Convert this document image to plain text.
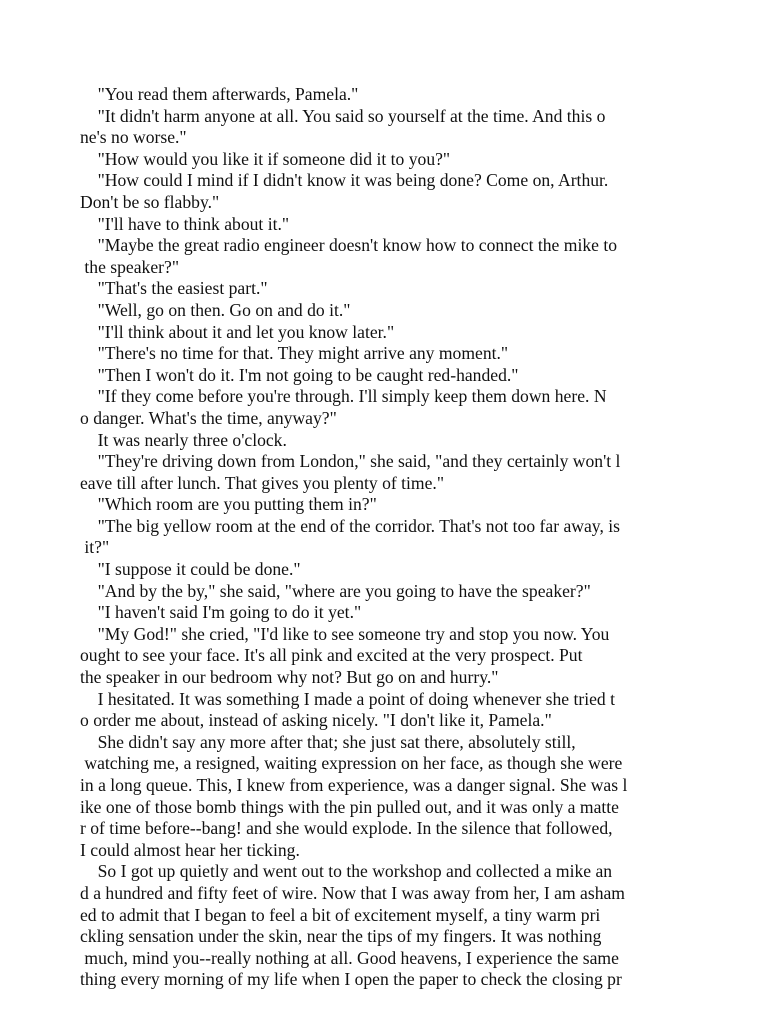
"You read them afterwards, Pamela."
"It didn't harm anyone at all. You said so yourself at the time. And this o
ne's no worse."
"How would you like it if someone did it to you?"
"How could I mind if I didn't know it was being done? Come on, Arthur.
Don't be so flabby."
"I'll have to think about it."
"Maybe the great radio engineer doesn't know how to connect the mike to
the speaker?"
"That's the easiest part."
"Well, go on then. Go on and do it."
"I'll think about it and let you know later."
"There's no time for that. They might arrive any moment."
"Then I won't do it. I'm not going to be caught red-handed."
"If they come before you're through. I'll simply keep them down here. N
o danger. What's the time, anyway?"
It was nearly three o'clock.
"They're driving down from London," she said, "and they certainly won't l
eave till after lunch. That gives you plenty of time."
"Which room are you putting them in?"
"The big yellow room at the end of the corridor. That's not too far away, is
it?"
"I suppose it could be done."
"And by the by," she said, "where are you going to have the speaker?"
"I haven't said I'm going to do it yet."
"My God!" she cried, "I'd like to see someone try and stop you now. You
ought to see your face. It's all pink and excited at the very prospect. Put
the speaker in our bedroom why not? But go on and hurry."
I hesitated. It was something I made a point of doing whenever she tried t
o order me about, instead of asking nicely. "I don't like it, Pamela."
She didn't say any more after that; she just sat there, absolutely still,
watching me, a resigned, waiting expression on her face, as though she were
in a long queue. This, I knew from experience, was a danger signal. She was l
ike one of those bomb things with the pin pulled out, and it was only a matte
r of time before--bang! and she would explode. In the silence that followed,
I could almost hear her ticking.
So I got up quietly and went out to the workshop and collected a mike an
d a hundred and fifty feet of wire. Now that I was away from her, I am asham
ed to admit that I began to feel a bit of excitement myself, a tiny warm pri
ckling sensation under the skin, near the tips of my fingers. It was nothing
much, mind you--really nothing at all. Good heavens, I experience the same
thing every morning of my life when I open the paper to check the closing pr
